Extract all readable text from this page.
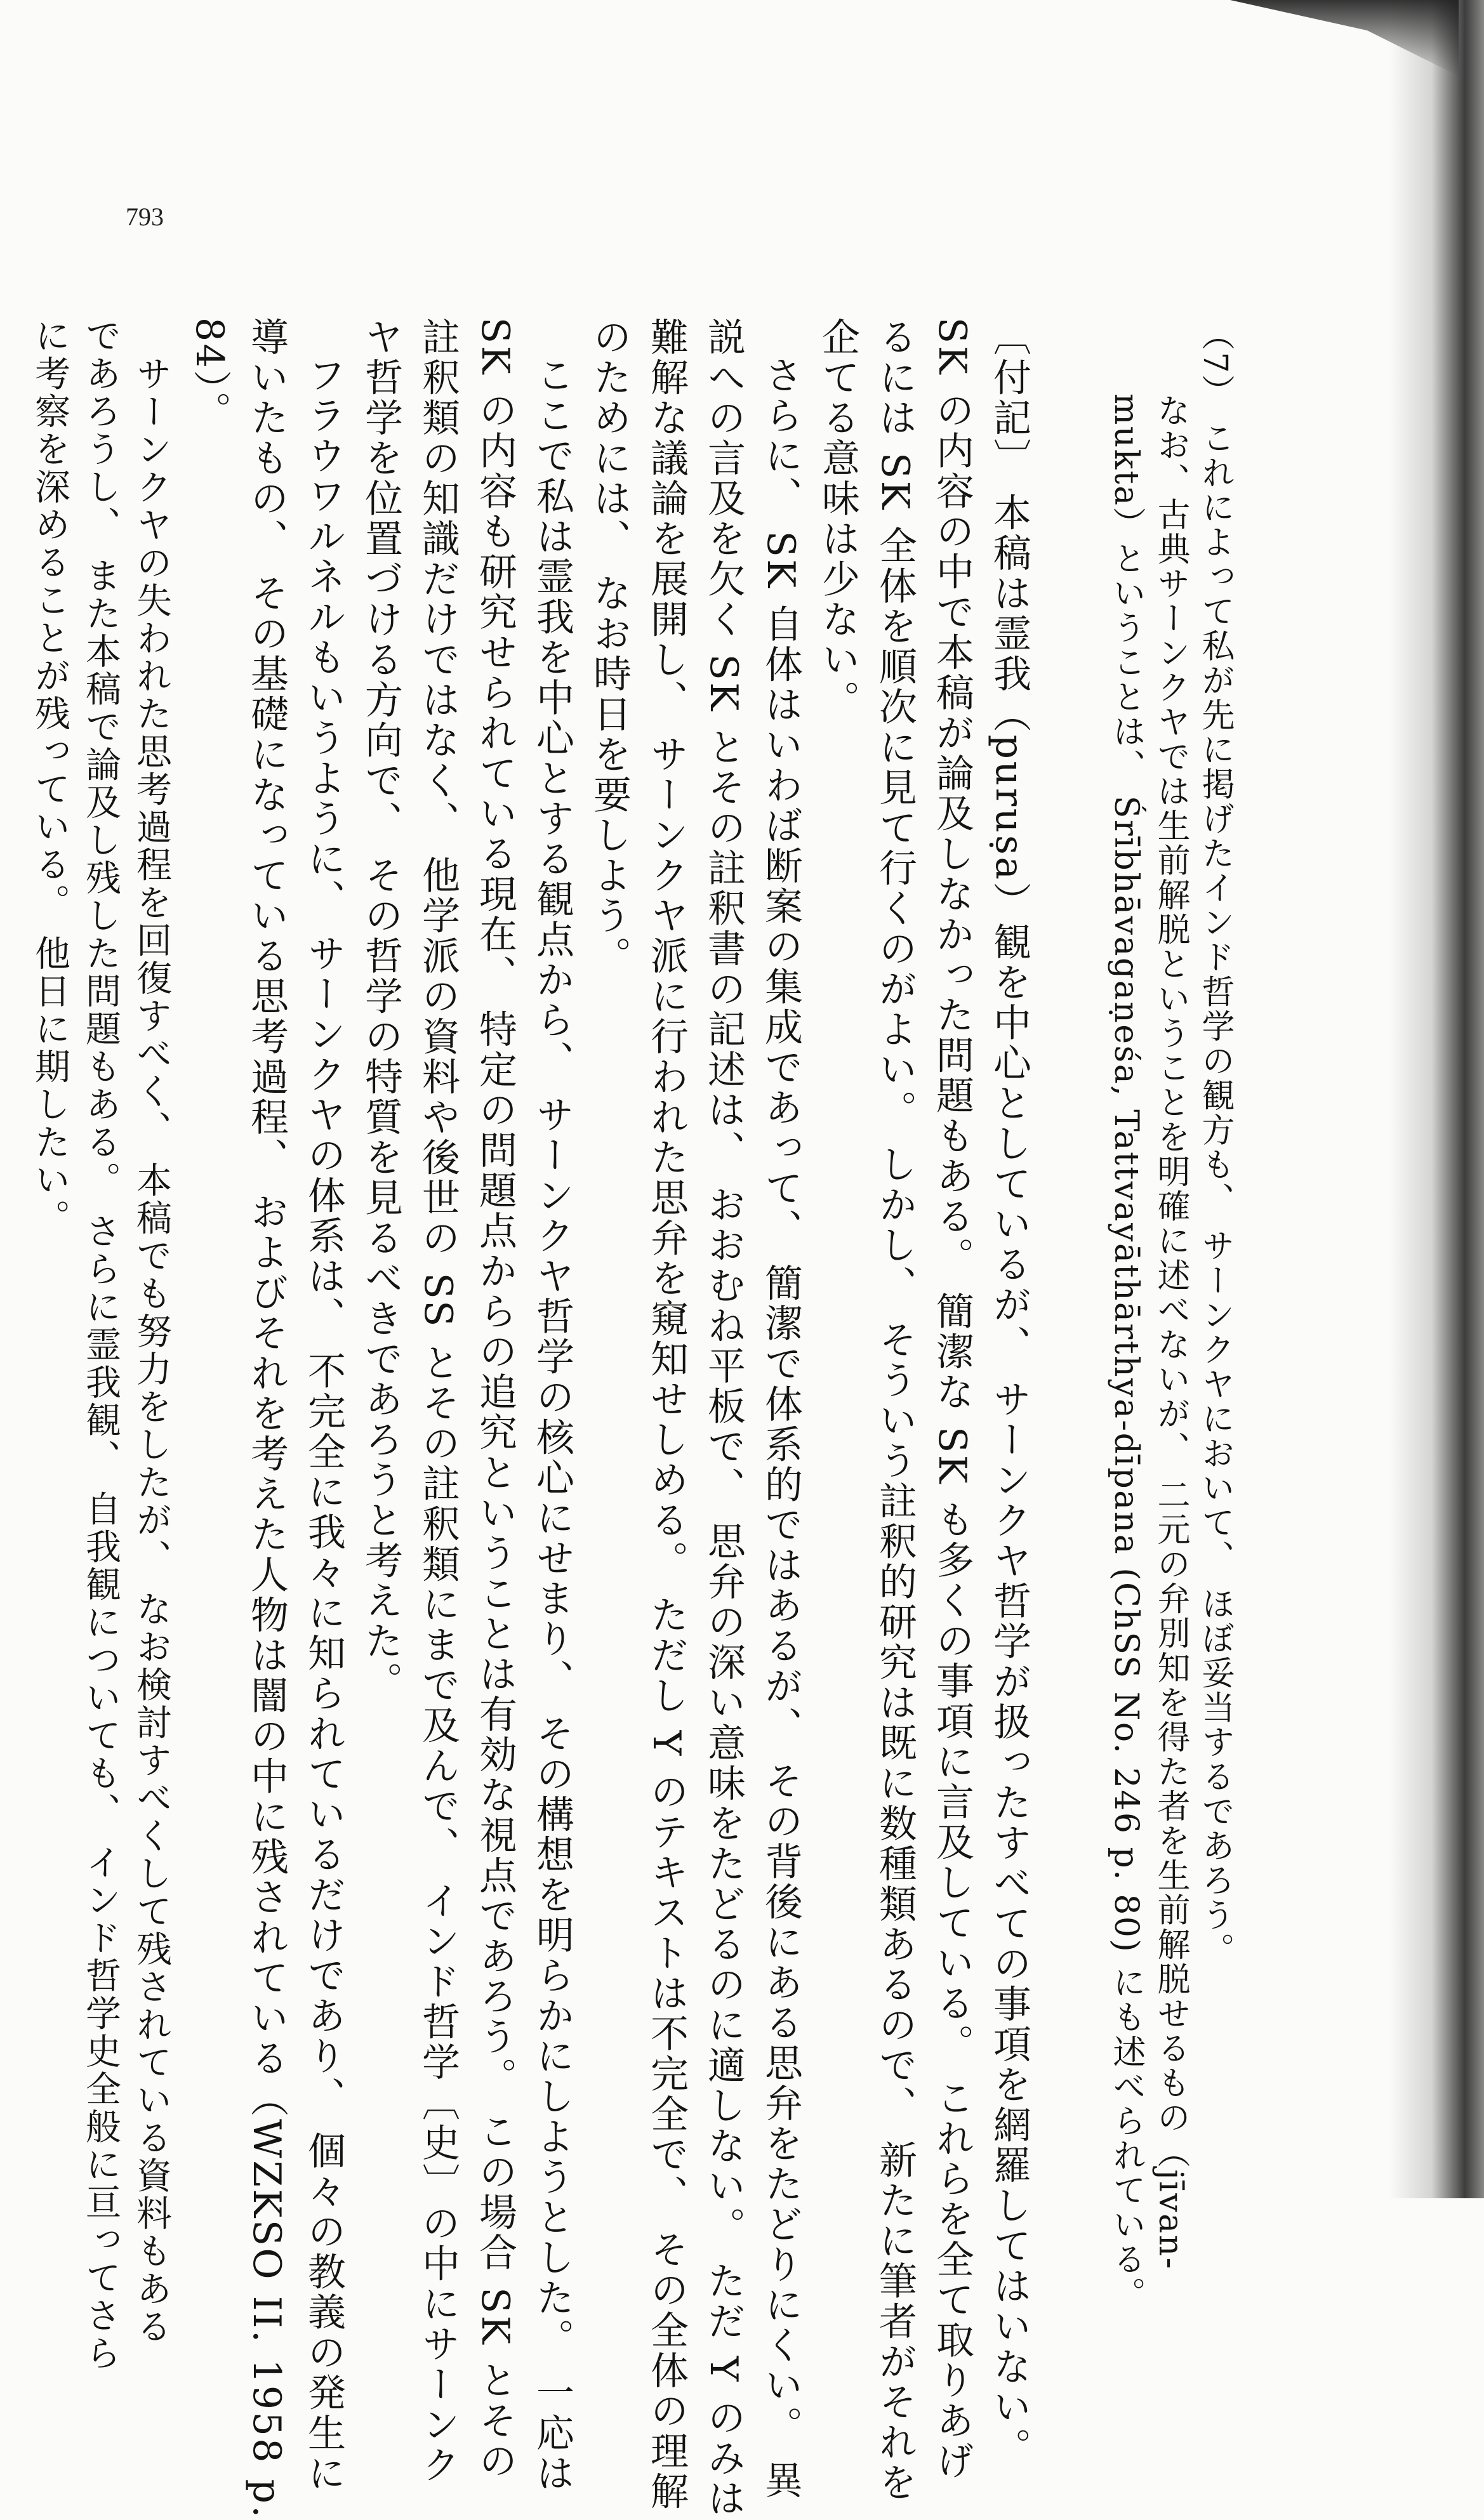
793
（7） これによって私が先に掲げたインド哲学の観方も、 サーンクヤにおいて、 ほぼ妥当するであろう。
なお、古典サーンクヤでは生前解脱ということを明確に述べないが、 二元の弁別知を得た者を生前解脱せるもの（jīvan-
mukta）ということは、 Śrībhāvagaṇeśa, Tattvayāthārthya-dīpana (ChSS No. 246 p. 80) にも述べられている。
〔付記〕 本稿は霊我（puruṣa）観を中心としているが、 サーンクヤ哲学が扱ったすべての事項を網羅してはいない。
SK の内容の中で本稿が論及しなかった問題もある。 簡潔な SK も多くの事項に言及している。 これらを全て取りあげ
るには SK 全体を順次に見て行くのがよい。 しかし、 そういう註釈的研究は既に数種類あるので、 新たに筆者がそれを
企てる意味は少ない。
さらに、 SK 自体はいわば断案の集成であって、 簡潔で体系的ではあるが、 その背後にある思弁をたどりにくい。 異
説への言及を欠く SK とその註釈書の記述は、 おおむね平板で、 思弁の深い意味をたどるのに適しない。 ただ Y のみは
難解な議論を展開し、 サーンクヤ派に行われた思弁を窺知せしめる。 ただし Y のテキストは不完全で、 その全体の理解
のためには、 なお時日を要しよう。
ここで私は霊我を中心とする観点から、 サーンクヤ哲学の核心にせまり、 その構想を明らかにしようとした。 一応は
SK の内容も研究せられている現在、 特定の問題点からの追究ということは有効な視点であろう。 この場合 SK とその
註釈類の知識だけではなく、 他学派の資料や後世の SS とその註釈類にまで及んで、 インド哲学〔史〕の中にサーンク
ヤ哲学を位置づける方向で、 その哲学の特質を見るべきであろうと考えた。
フラウワルネルもいうように、 サーンクヤの体系は、 不完全に我々に知られているだけであり、 個々の教義の発生に
導いたもの、 その基礎になっている思考過程、 およびそれを考えた人物は闇の中に残されている（WZKSO II. 1958 p.
84）。
サーンクヤの失われた思考過程を回復すべく、 本稿でも努力をしたが、 なお検討すべくして残されている資料もある
であろうし、 また本稿で論及し残した問題もある。 さらに霊我観、 自我観についても、 インド哲学史全般に亘ってさら
に考察を深めることが残っている。 他日に期したい。
